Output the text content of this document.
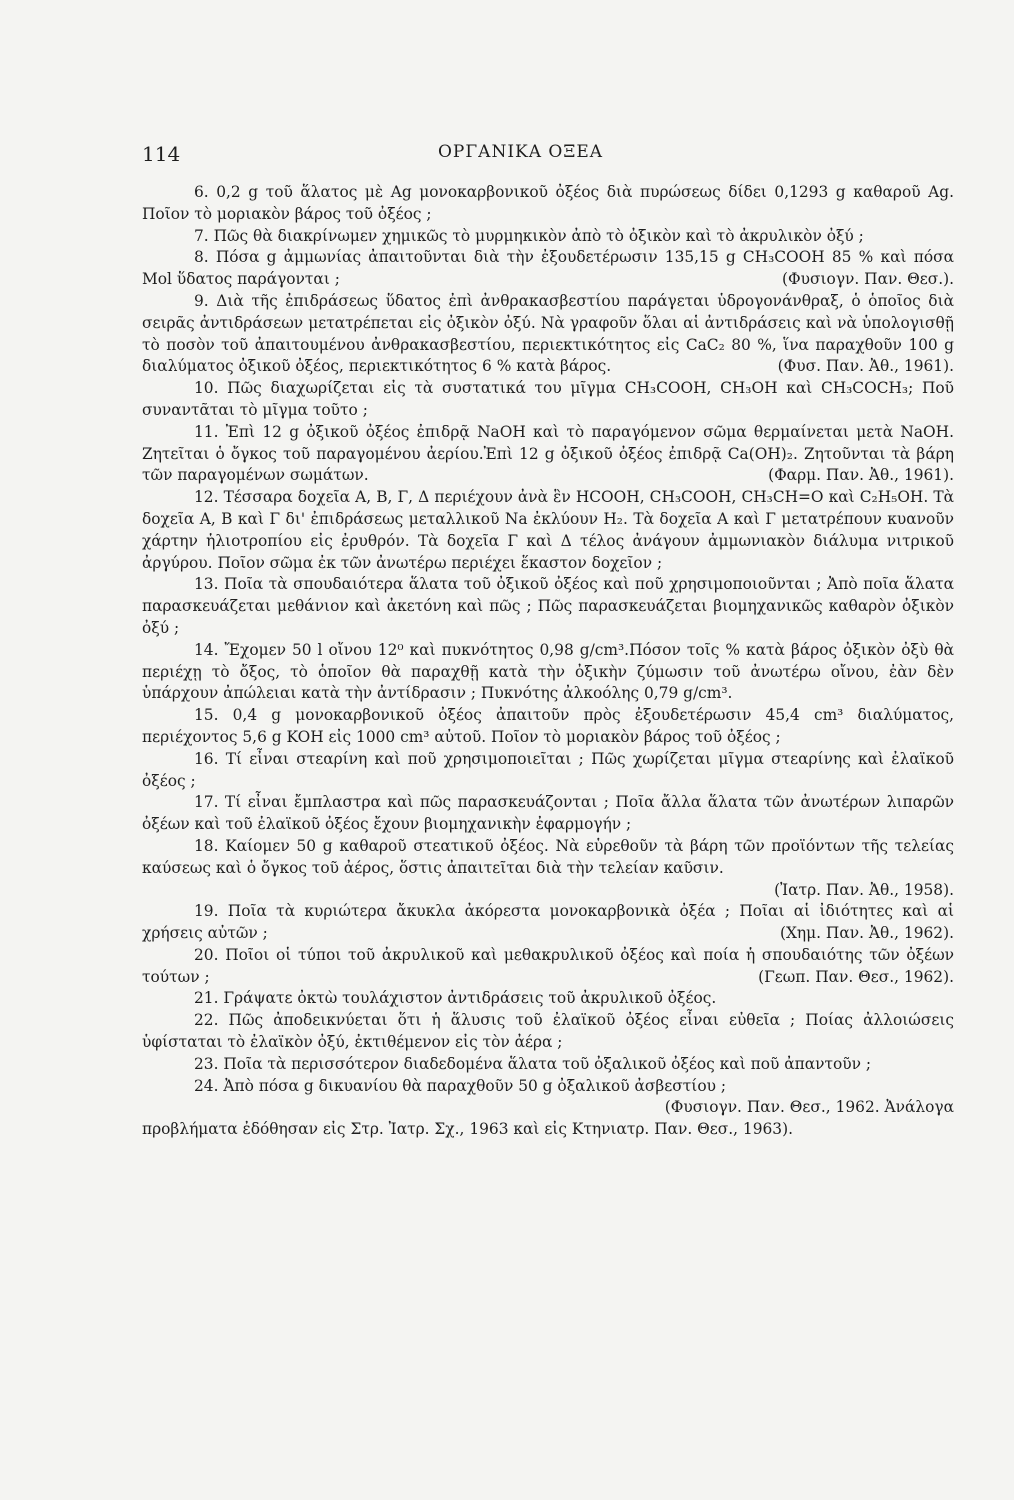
114	ΟΡΓΑΝΙΚΑ ΟΞΕΑ

6. 0,2 g τοῦ ἅλατος μὲ Ag μονοκαρβονικοῦ ὀξέος διὰ πυρώσεως δίδει 0,1293 g καθαροῦ Ag. Ποῖον τὸ μοριακὸν βάρος τοῦ ὀξέος ;

7. Πῶς θὰ διακρίνωμεν χημικῶς τὸ μυρμηκικὸν ἀπὸ τὸ ὀξικὸν καὶ τὸ ἀκρυλικὸν ὀξύ ;

8. Πόσα g ἀμμωνίας ἀπαιτοῦνται διὰ τὴν ἐξουδετέρωσιν 135,15 g CH₃COOH 85 % καὶ πόσα Mol ὕδατος παράγονται ;	(Φυσιογν. Παν. Θεσ.).

9. Διὰ τῆς ἐπιδράσεως ὕδατος ἐπὶ ἀνθρακασβεστίου παράγεται ὑδρογονάνθραξ, ὁ ὁποῖος διὰ σειρᾶς ἀντιδράσεων μετατρέπεται εἰς ὀξικὸν ὀξύ. Νὰ γραφοῦν ὅλαι αἱ ἀντιδράσεις καὶ νὰ ὑπολογισθῇ τὸ ποσὸν τοῦ ἀπαιτουμένου ἀνθρακασβεστίου, περιεκτικότητος εἰς CaC₂ 80 %, ἵνα παραχθοῦν 100 g διαλύματος ὀξικοῦ ὀξέος, περιεκτικότητος 6 % κατὰ βάρος.	(Φυσ. Παν. Ἀθ., 1961).

10. Πῶς διαχωρίζεται εἰς τὰ συστατικά του μῖγμα CH₃COOH, CH₃OH καὶ CH₃COCH₃; Ποῦ συναντᾶται τὸ μῖγμα τοῦτο ;

11. Ἐπὶ 12 g ὀξικοῦ ὀξέος ἐπιδρᾷ NaOH καὶ τὸ παραγόμενον σῶμα θερμαίνεται μετὰ NaOH. Ζητεῖται ὁ ὄγκος τοῦ παραγομένου ἀερίου.Ἐπὶ 12 g ὀξικοῦ ὀξέος ἐπιδρᾷ Ca(OH)₂. Ζητοῦνται τὰ βάρη τῶν παραγομένων σωμάτων.	(Φαρμ. Παν. Ἀθ., 1961).

12. Τέσσαρα δοχεῖα Α, Β, Γ, Δ περιέχουν ἀνὰ ἓν HCOOH, CH₃COOH, CH₃CH=O καὶ C₂H₅OH. Τὰ δοχεῖα Α, Β καὶ Γ δι' ἐπιδράσεως μεταλλικοῦ Na ἐκλύουν H₂. Τὰ δοχεῖα Α καὶ Γ μετατρέπουν κυανοῦν χάρτην ἡλιοτροπίου εἰς ἐρυθρόν. Τὰ δοχεῖα Γ καὶ Δ τέλος ἀνάγουν ἀμμωνιακὸν διάλυμα νιτρικοῦ ἀργύρου. Ποῖον σῶμα ἐκ τῶν ἀνωτέρω περιέχει ἕκαστον δοχεῖον ;

13. Ποῖα τὰ σπουδαιότερα ἅλατα τοῦ ὀξικοῦ ὀξέος καὶ ποῦ χρησιμοποιοῦνται ; Ἀπὸ ποῖα ἅλατα παρασκευάζεται μεθάνιον καὶ ἀκετόνη καὶ πῶς ; Πῶς παρασκευάζεται βιομηχανικῶς καθαρὸν ὀξικὸν ὀξύ ;

14. Ἔχομεν 50 l οἴνου 12⁰ καὶ πυκνότητος 0,98 g/cm³.Πόσον τοῖς % κατὰ βάρος ὀξικὸν ὀξὺ θὰ περιέχῃ τὸ ὄξος, τὸ ὁποῖον θὰ παραχθῇ κατὰ τὴν ὀξικὴν ζύμωσιν τοῦ ἀνωτέρω οἴνου, ἐὰν δὲν ὑπάρχουν ἀπώλειαι κατὰ τὴν ἀντίδρασιν ; Πυκνότης ἀλκοόλης 0,79 g/cm³.

15. 0,4 g μονοκαρβονικοῦ ὀξέος ἀπαιτοῦν πρὸς ἐξουδετέρωσιν 45,4 cm³ διαλύματος, περιέχοντος 5,6 g KOH εἰς 1000 cm³ αὐτοῦ. Ποῖον τὸ μοριακὸν βάρος τοῦ ὀξέος ;

16. Τί εἶναι στεαρίνη καὶ ποῦ χρησιμοποιεῖται ; Πῶς χωρίζεται μῖγμα στεαρίνης καὶ ἐλαϊκοῦ ὀξέος ;

17. Τί εἶναι ἔμπλαστρα καὶ πῶς παρασκευάζονται ; Ποῖα ἄλλα ἅλατα τῶν ἀνωτέρων λιπαρῶν ὀξέων καὶ τοῦ ἐλαϊκοῦ ὀξέος ἔχουν βιομηχανικὴν ἐφαρμογήν ;

18. Καίομεν 50 g καθαροῦ στεατικοῦ ὀξέος. Νὰ εὑρεθοῦν τὰ βάρη τῶν προϊόντων τῆς τελείας καύσεως καὶ ὁ ὄγκος τοῦ ἀέρος, ὅστις ἀπαιτεῖται διὰ τὴν τελείαν καῦσιν.
(Ἰατρ. Παν. Ἀθ., 1958).

19. Ποῖα τὰ κυριώτερα ἄκυκλα ἀκόρεστα μονοκαρβονικὰ ὀξέα ; Ποῖαι αἱ ἰδιότητες καὶ αἱ χρήσεις αὐτῶν ;	(Χημ. Παν. Ἀθ., 1962).

20. Ποῖοι οἱ τύποι τοῦ ἀκρυλικοῦ καὶ μεθακρυλικοῦ ὀξέος καὶ ποία ἡ σπουδαιότης τῶν ὀξέων τούτων ;	(Γεωπ. Παν. Θεσ., 1962).

21. Γράψατε ὀκτὼ τουλάχιστον ἀντιδράσεις τοῦ ἀκρυλικοῦ ὀξέος.

22. Πῶς ἀποδεικνύεται ὅτι ἡ ἅλυσις τοῦ ἐλαϊκοῦ ὀξέος εἶναι εὐθεῖα ; Ποίας ἀλλοιώσεις ὑφίσταται τὸ ἐλαϊκὸν ὀξύ, ἐκτιθέμενον εἰς τὸν ἀέρα ;

23. Ποῖα τὰ περισσότερον διαδεδομένα ἅλατα τοῦ ὀξαλικοῦ ὀξέος καὶ ποῦ ἀπαντοῦν ;

24. Ἀπὸ πόσα g δικυανίου θὰ παραχθοῦν 50 g ὀξαλικοῦ ἀσβεστίου ;

(Φυσιογν. Παν. Θεσ., 1962. Ἀνάλογα
προβλήματα ἐδόθησαν εἰς Στρ. Ἰατρ. Σχ., 1963 καὶ εἰς Κτηνιατρ. Παν. Θεσ., 1963).
